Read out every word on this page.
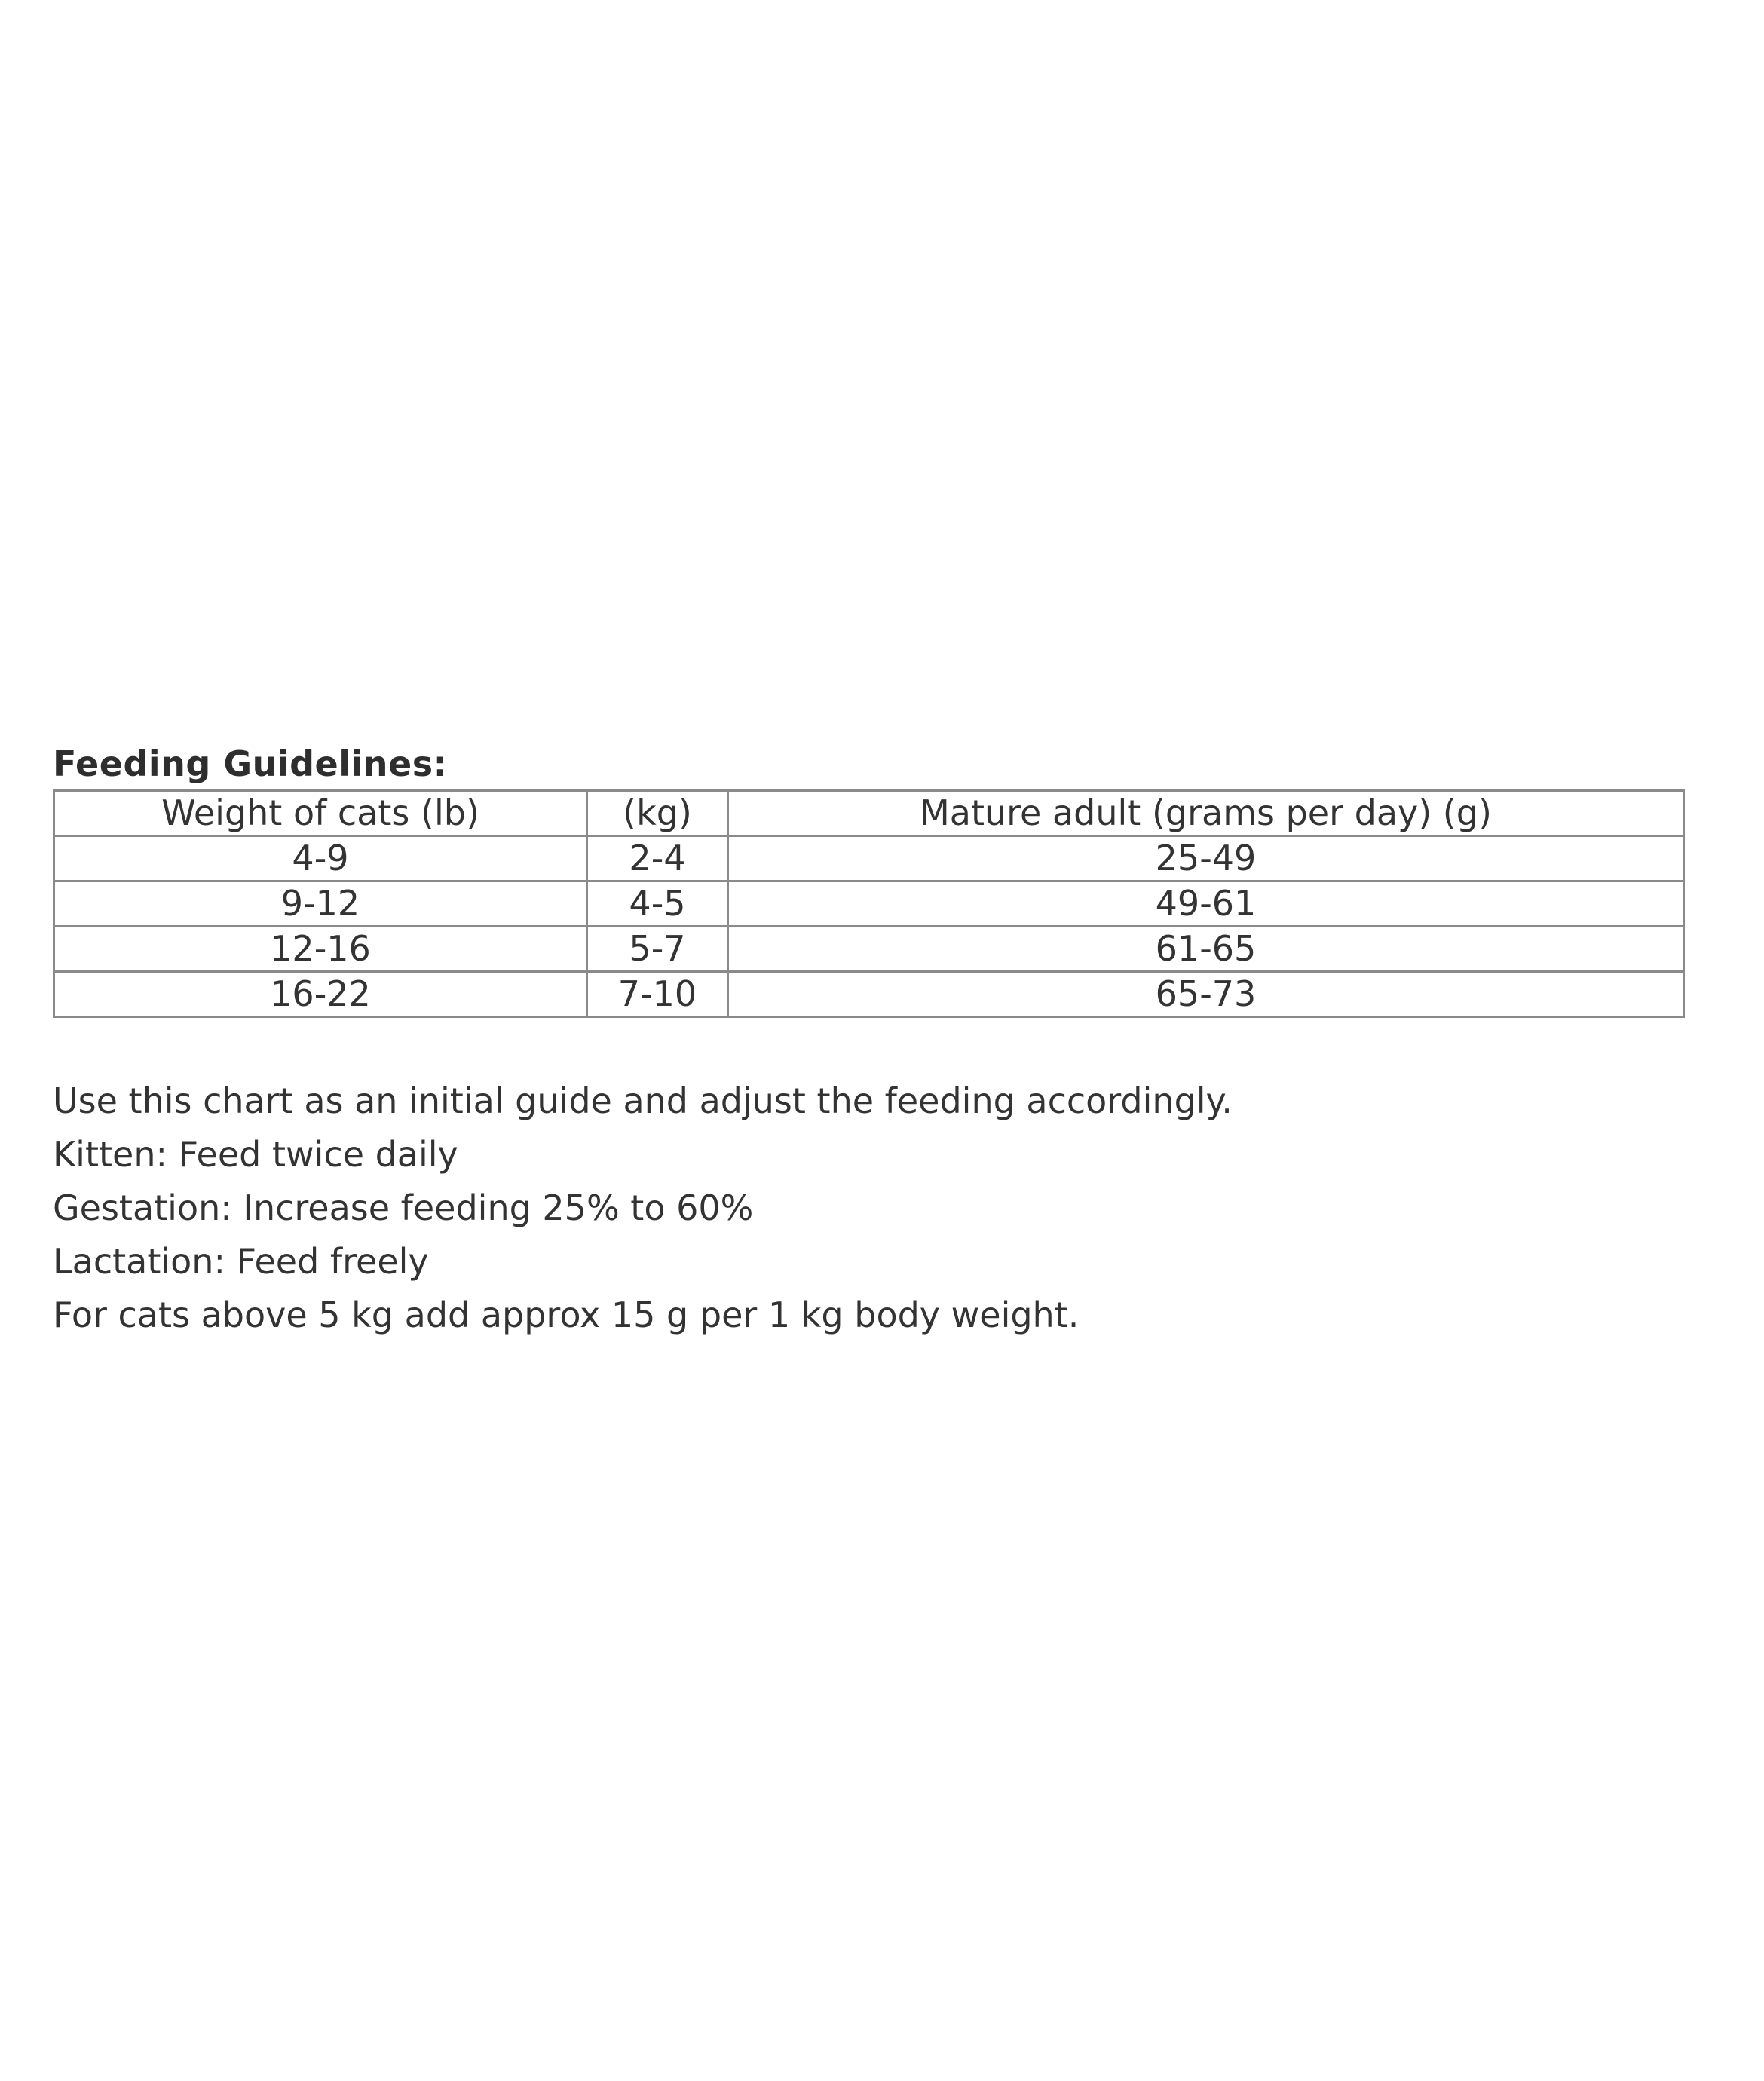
Feeding Guidelines:
Weight of cats (lb)	(kg)	Mature adult (grams per day) (g)
4-9	2-4	25-49
9-12	4-5	49-61
12-16	5-7	61-65
16-22	7-10	65-73
Use this chart as an initial guide and adjust the feeding accordingly.
Kitten: Feed twice daily
Gestation: Increase feeding 25% to 60%
Lactation: Feed freely
For cats above 5 kg add approx 15 g per 1 kg body weight.
